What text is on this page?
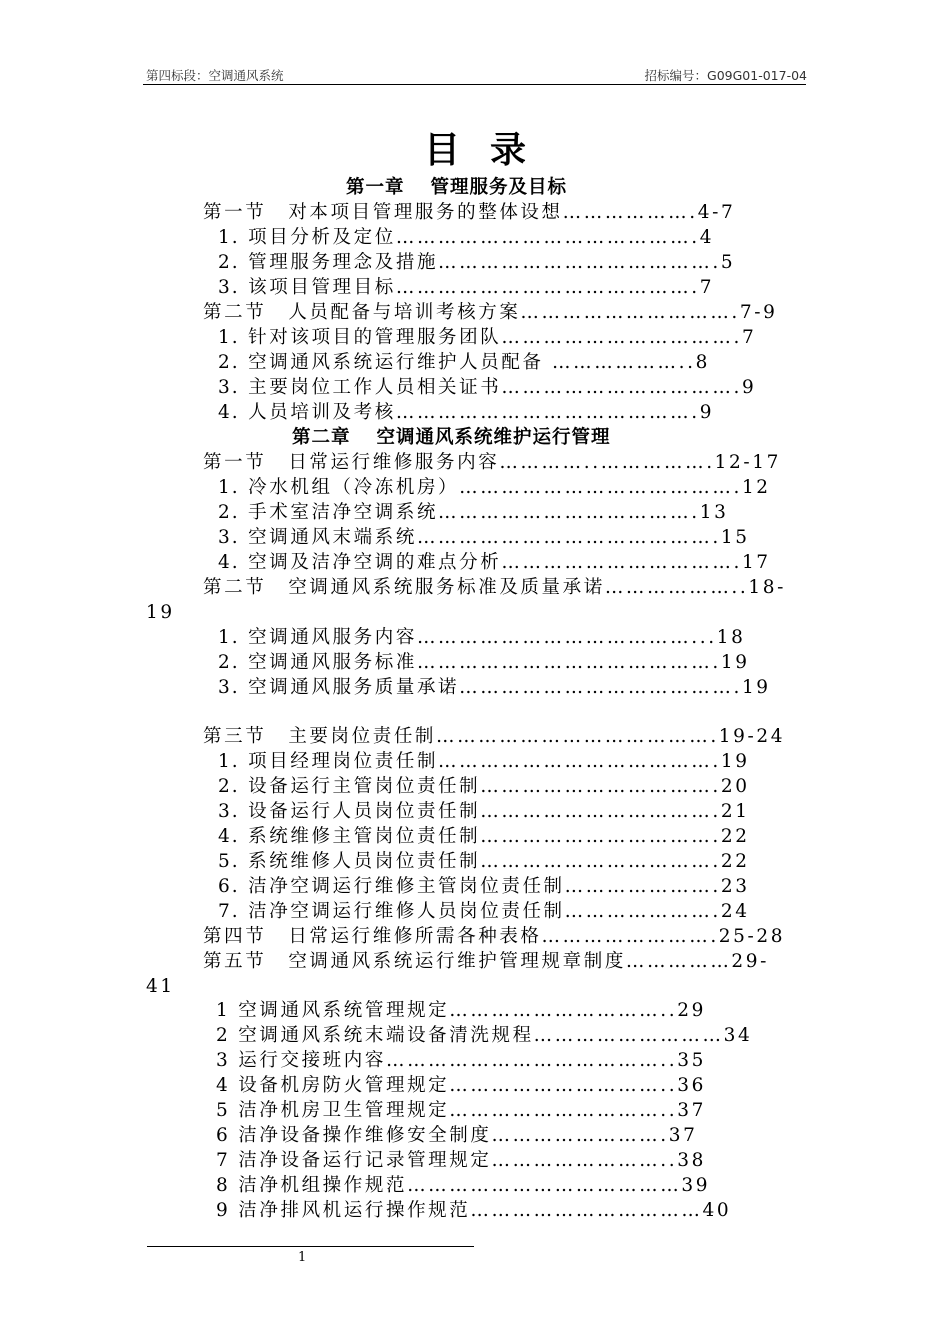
第四标段：空调通风系统	招标编号：G09G01-017-04
目录
第一章 管理服务及目标
第一节 对本项目管理服务的整体设想……………….4-7
1. 项目分析及定位…………………………………….4
2. 管理服务理念及措施………………………………….5
3. 该项目管理目标…………………………………….7
第二节 人员配备与培训考核方案………………………….7-9
1. 针对该项目的管理服务团队…………………………….7
2. 空调通风系统运行维护人员配备 ………………..8
3. 主要岗位工作人员相关证书…………………………….9
4. 人员培训及考核…………………………………….9
第二章 空调通风系统维护运行管理
第一节 日常运行维修服务内容…………..…………….12-17
1. 冷水机组（冷冻机房）………………………………….12
2. 手术室洁净空调系统……………………………….13
3. 空调通风末端系统…………………………………….15
4. 空调及洁净空调的难点分析…………………………….17
第二节 空调通风系统服务标准及质量承诺………………..18-
19
1. 空调通风服务内容…………………………………...18
2. 空调通风服务标准…………………………………….19
3. 空调通风服务质量承诺………………………………….19
第三节 主要岗位责任制………………………………….19-24
1. 项目经理岗位责任制………………………………….19
2. 设备运行主管岗位责任制…………………………….20
3. 设备运行人员岗位责任制…………………………….21
4. 系统维修主管岗位责任制…………………………….22
5. 系统维修人员岗位责任制…………………………….22
6. 洁净空调运行维修主管岗位责任制………………….23
7. 洁净空调运行维修人员岗位责任制………………….24
第四节 日常运行维修所需各种表格…………………….25-28
第五节 空调通风系统运行维护管理规章制度……………29-
41
1 空调通风系统管理规定…………………………..29
2 空调通风系统末端设备清洗规程………………………34
3 运行交接班内容…………………………………..35
4 设备机房防火管理规定…………………………..36
5 洁净机房卫生管理规定…………………………..37
6 洁净设备操作维修安全制度…………………….37
7 洁净设备运行记录管理规定……………………..38
8 洁净机组操作规范…………………………………39
9 洁净排风机运行操作规范……………………………40
1
